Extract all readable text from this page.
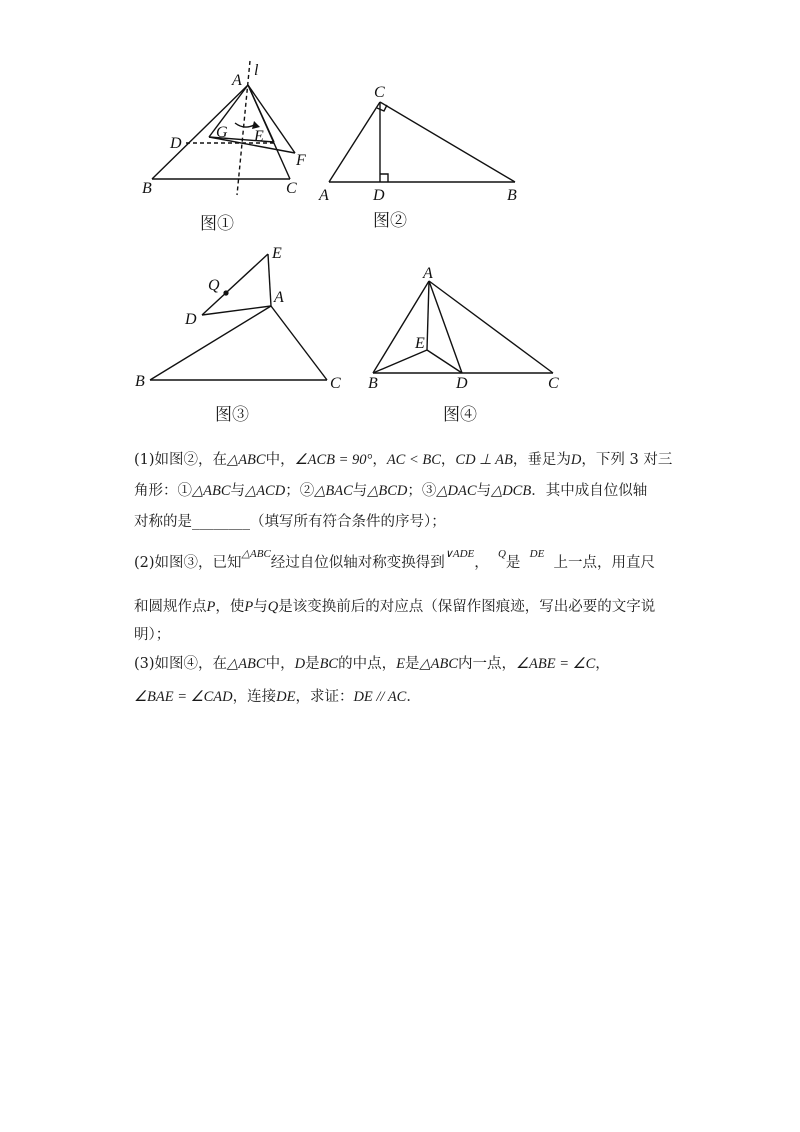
A
l
D
G E
F
B	C
图①
C
A	D	B
图②
E
Q
A
D
B	C
图③
A
E
B	D	C
图④
(1)如图②，在△ABC中，∠ACB = 90°，AC < BC，CD ⊥ AB，垂足为D，下列 3 对三
角形：①△ABC与△ACD；②△BAC与△BCD；③△DAC与△DCB．其中成自位似轴
对称的是________（填写所有符合条件的序号）；
(2)如图③，已知$^{\triangle ABC}$经过自位似轴对称变换得到$^{\vee ADE}$，  $^Q$是  $^{DE}$  上一点，用直尺
和圆规作点P，使P与Q是该变换前后的对应点（保留作图痕迹，写出必要的文字说
明）；
(3)如图④，在△ABC中，D是BC的中点，E是△ABC内一点，∠ABE = ∠C，
∠BAE = ∠CAD，连接DE，求证：DE // AC．
